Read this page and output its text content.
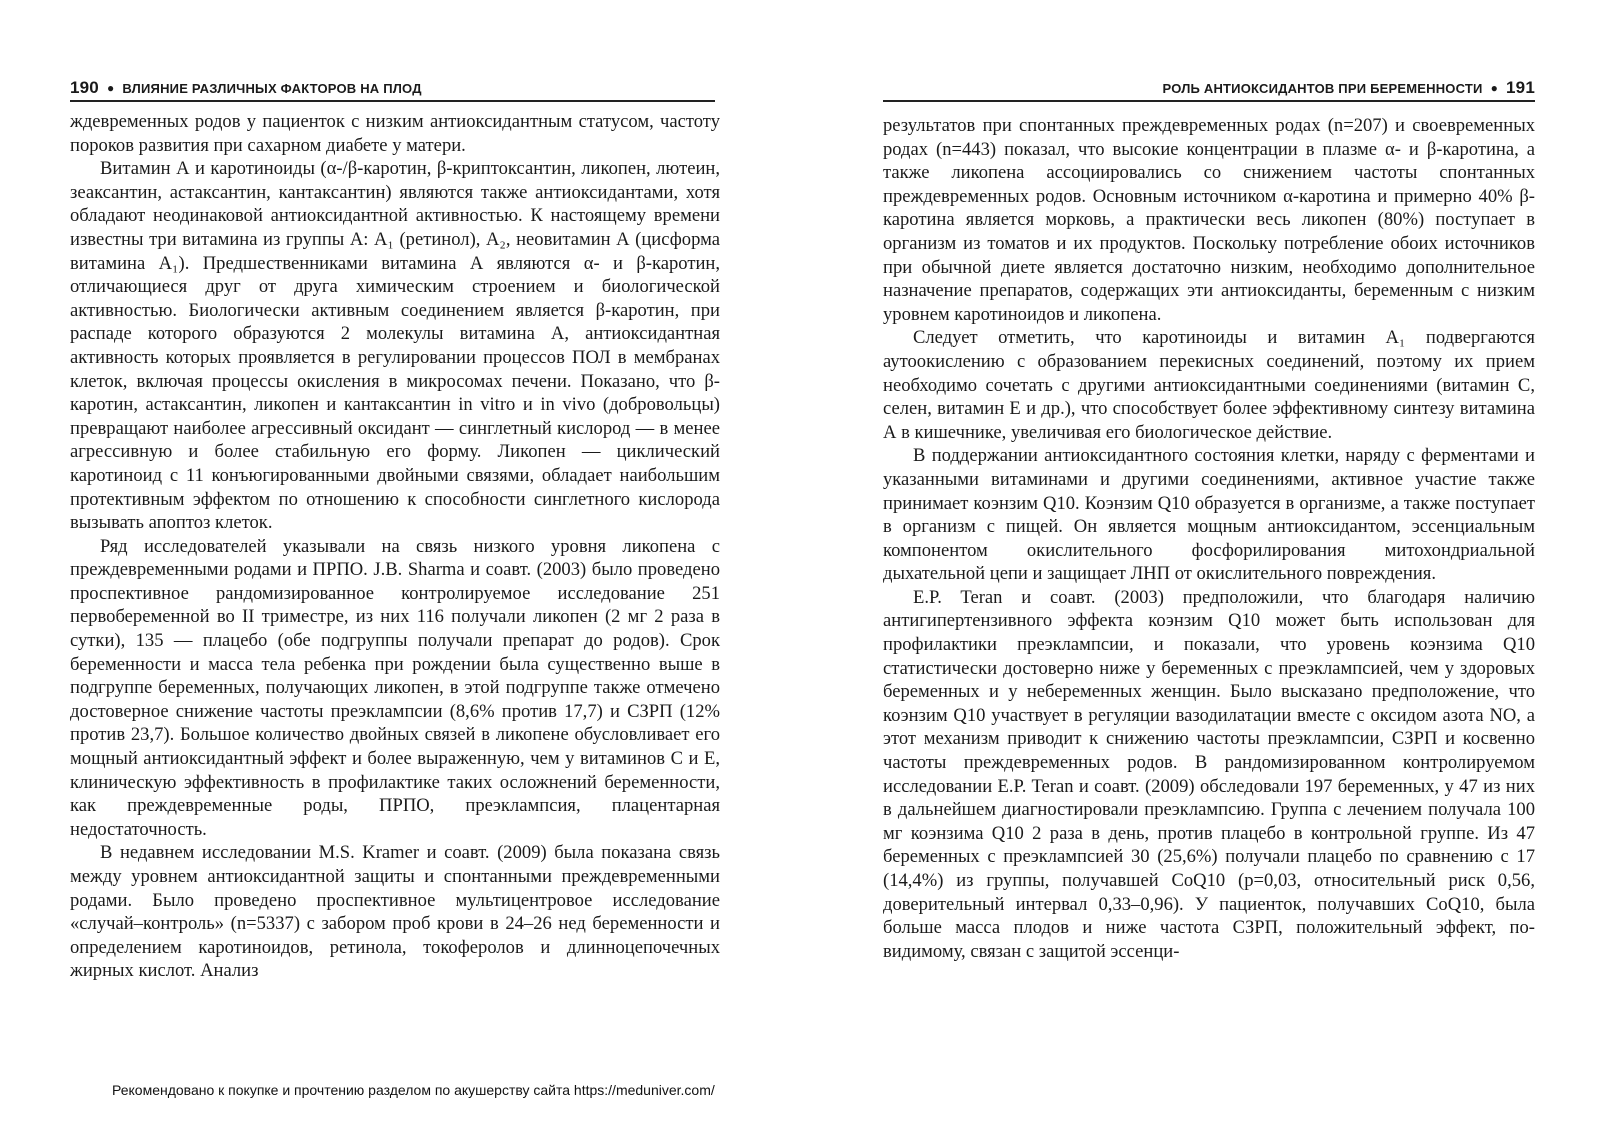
190 ● ВЛИЯНИЕ РАЗЛИЧНЫХ ФАКТОРОВ НА ПЛОД

ждевременных родов у пациенток с низким антиоксидантным статусом, частоту пороков развития при сахарном диабете у матери.

Витамин А и каротиноиды (α-/β-каротин, β-криптоксантин, ликопен, лютеин, зеаксантин, астаксантин, кантаксантин) являются также антиоксидантами, хотя обладают неодинаковой антиоксидантной активностью. К настоящему времени известны три витамина из группы А: А₁ (ретинол), А₂, неовитамин А (цисформа витамина А₁). Предшественниками витамина А являются α- и β-каротин, отличающиеся друг от друга химическим строением и биологической активностью. Биологически активным соединением является β-каротин, при распаде которого образуются 2 молекулы витамина А, антиоксидантная активность которых проявляется в регулировании процессов ПОЛ в мембранах клеток, включая процессы окисления в микросомах печени. Показано, что β-каротин, астаксантин, ликопен и кантаксантин in vitro и in vivo (добровольцы) превращают наиболее агрессивный оксидант — синглетный кислород — в менее агрессивную и более стабильную его форму. Ликопен — циклический каротиноид с 11 конъюгированными двойными связями, обладает наибольшим протективным эффектом по отношению к способности синглетного кислорода вызывать апоптоз клеток.

Ряд исследователей указывали на связь низкого уровня ликопена с преждевременными родами и ПРПО. J.B. Sharma и соавт. (2003) было проведено проспективное рандомизированное контролируемое исследование 251 первобеременной во II триместре, из них 116 получали ликопен (2 мг 2 раза в сутки), 135 — плацебо (обе подгруппы получали препарат до родов). Срок беременности и масса тела ребенка при рождении была существенно выше в подгруппе беременных, получающих ликопен, в этой подгруппе также отмечено достоверное снижение частоты преэклампсии (8,6% против 17,7) и СЗРП (12% против 23,7). Большое количество двойных связей в ликопене обусловливает его мощный антиоксидантный эффект и более выраженную, чем у витаминов С и Е, клиническую эффективность в профилактике таких осложнений беременности, как преждевременные роды, ПРПО, преэклампсия, плацентарная недостаточность.

В недавнем исследовании M.S. Kramer и соавт. (2009) была показана связь между уровнем антиоксидантной защиты и спонтанными преждевременными родами. Было проведено проспективное мультицентровое исследование «случай–контроль» (n=5337) с забором проб крови в 24–26 нед беременности и определением каротиноидов, ретинола, токоферолов и длинноцепочечных жирных кислот. Анализ

РОЛЬ АНТИОКСИДАНТОВ ПРИ БЕРЕМЕННОСТИ ● 191

результатов при спонтанных преждевременных родах (n=207) и своевременных родах (n=443) показал, что высокие концентрации в плазме α- и β-каротина, а также ликопена ассоциировались со снижением частоты спонтанных преждевременных родов. Основным источником α-каротина и примерно 40% β-каротина является морковь, а практически весь ликопен (80%) поступает в организм из томатов и их продуктов. Поскольку потребление обоих источников при обычной диете является достаточно низким, необходимо дополнительное назначение препаратов, содержащих эти антиоксиданты, беременным с низким уровнем каротиноидов и ликопена.

Следует отметить, что каротиноиды и витамин А₁ подвергаются аутоокислению с образованием перекисных соединений, поэтому их прием необходимо сочетать с другими антиоксидантными соединениями (витамин С, селен, витамин Е и др.), что способствует более эффективному синтезу витамина А в кишечнике, увеличивая его биологическое действие.

В поддержании антиоксидантного состояния клетки, наряду с ферментами и указанными витаминами и другими соединениями, активное участие также принимает коэнзим Q10. Коэнзим Q10 образуется в организме, а также поступает в организм с пищей. Он является мощным антиоксидантом, эссенциальным компонентом окислительного фосфорилирования митохондриальной дыхательной цепи и защищает ЛНП от окислительного повреждения.

E.P. Teran и соавт. (2003) предположили, что благодаря наличию антигипертензивного эффекта коэнзим Q10 может быть использован для профилактики преэклампсии, и показали, что уровень коэнзима Q10 статистически достоверно ниже у беременных с преэклампсией, чем у здоровых беременных и у небеременных женщин. Было высказано предположение, что коэнзим Q10 участвует в регуляции вазодилатации вместе с оксидом азота NO, а этот механизм приводит к снижению частоты преэклампсии, СЗРП и косвенно частоты преждевременных родов. В рандомизированном контролируемом исследовании E.P. Teran и соавт. (2009) обследовали 197 беременных, у 47 из них в дальнейшем диагностировали преэклампсию. Группа с лечением получала 100 мг коэнзима Q10 2 раза в день, против плацебо в контрольной группе. Из 47 беременных с преэклампсией 30 (25,6%) получали плацебо по сравнению с 17 (14,4%) из группы, получавшей CoQ10 (p=0,03, относительный риск 0,56, доверительный интервал 0,33–0,96). У пациенток, получавших CoQ10, была больше масса плодов и ниже частота СЗРП, положительный эффект, по-видимому, связан с защитой эссенци-

Рекомендовано к покупке и прочтению разделом по акушерству сайта https://meduniver.com/
